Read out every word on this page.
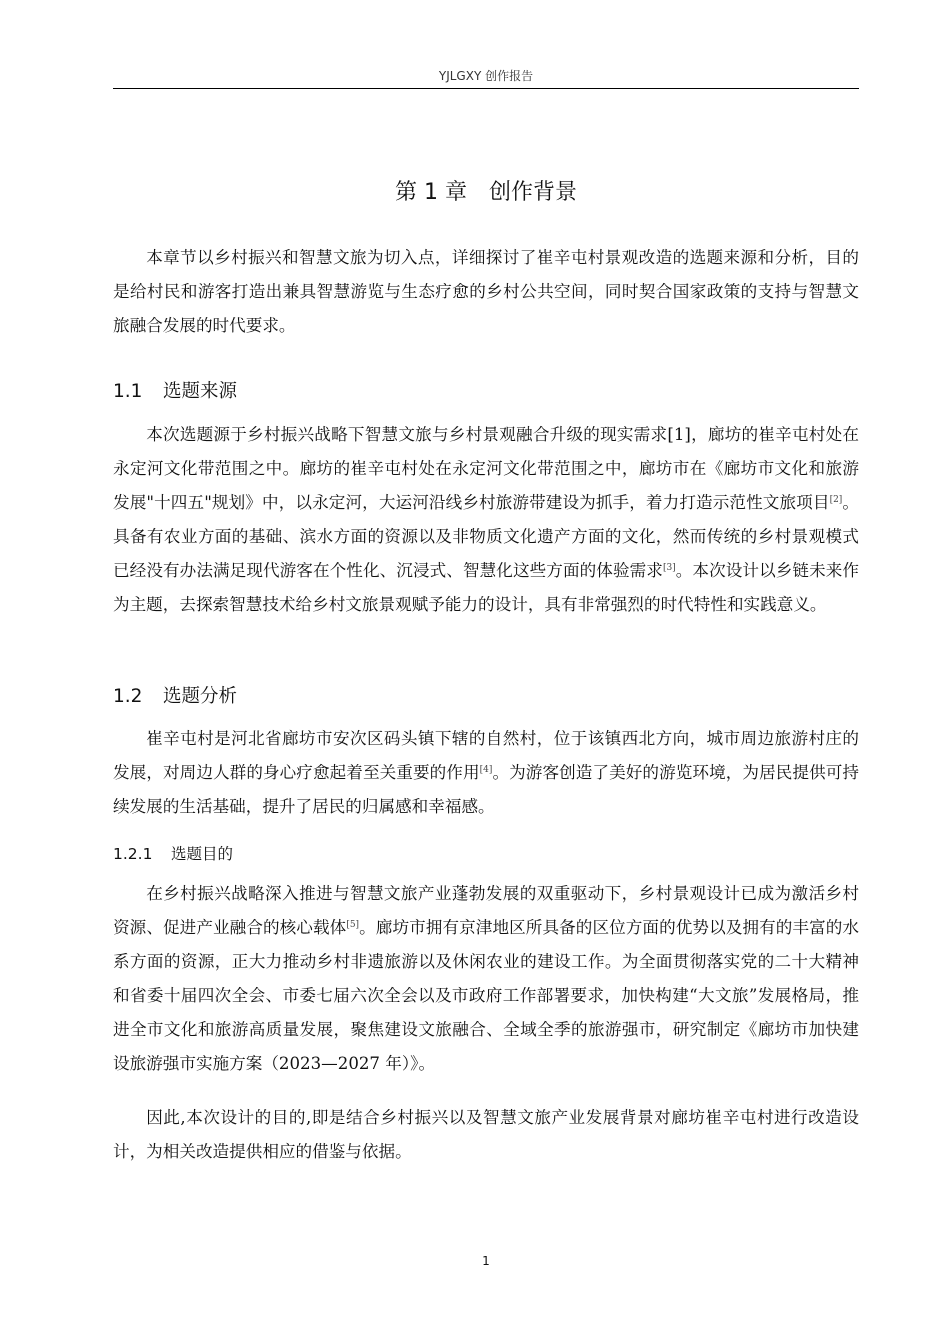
YJLGXY 创作报告
第 1 章 创作背景

本章节以乡村振兴和智慧文旅为切入点，详细探讨了崔辛屯村景观改造的选题来源和分析，目的是给村民和游客打造出兼具智慧游览与生态疗愈的乡村公共空间，同时契合国家政策的支持与智慧文旅融合发展的时代要求。

1.1 选题来源

本次选题源于乡村振兴战略下智慧文旅与乡村景观融合升级的现实需求[1]，廊坊的崔辛屯村处在永定河文化带范围之中。廊坊的崔辛屯村处在永定河文化带范围之中，廊坊市在《廊坊市文化和旅游发展"十四五"规划》中，以永定河，大运河沿线乡村旅游带建设为抓手，着力打造示范性文旅项目[2]。具备有农业方面的基础、滨水方面的资源以及非物质文化遗产方面的文化，然而传统的乡村景观模式已经没有办法满足现代游客在个性化、沉浸式、智慧化这些方面的体验需求[3]。本次设计以乡链未来作为主题，去探索智慧技术给乡村文旅景观赋予能力的设计，具有非常强烈的时代特性和实践意义。

1.2 选题分析

崔辛屯村是河北省廊坊市安次区码头镇下辖的自然村，位于该镇西北方向，城市周边旅游村庄的发展，对周边人群的身心疗愈起着至关重要的作用[4]。为游客创造了美好的游览环境，为居民提供可持续发展的生活基础，提升了居民的归属感和幸福感。

1.2.1 选题目的

在乡村振兴战略深入推进与智慧文旅产业蓬勃发展的双重驱动下，乡村景观设计已成为激活乡村资源、促进产业融合的核心载体[5]。廊坊市拥有京津地区所具备的区位方面的优势以及拥有的丰富的水系方面的资源，正大力推动乡村非遗旅游以及休闲农业的建设工作。为全面贯彻落实党的二十大精神和省委十届四次全会、市委七届六次全会以及市政府工作部署要求，加快构建“大文旅”发展格局，推进全市文化和旅游高质量发展，聚焦建设文旅融合、全域全季的旅游强市，研究制定《廊坊市加快建设旅游强市实施方案（2023—2027 年）》。

因此,本次设计的目的,即是结合乡村振兴以及智慧文旅产业发展背景对廊坊崔辛屯村进行改造设计，为相关改造提供相应的借鉴与依据。

1
